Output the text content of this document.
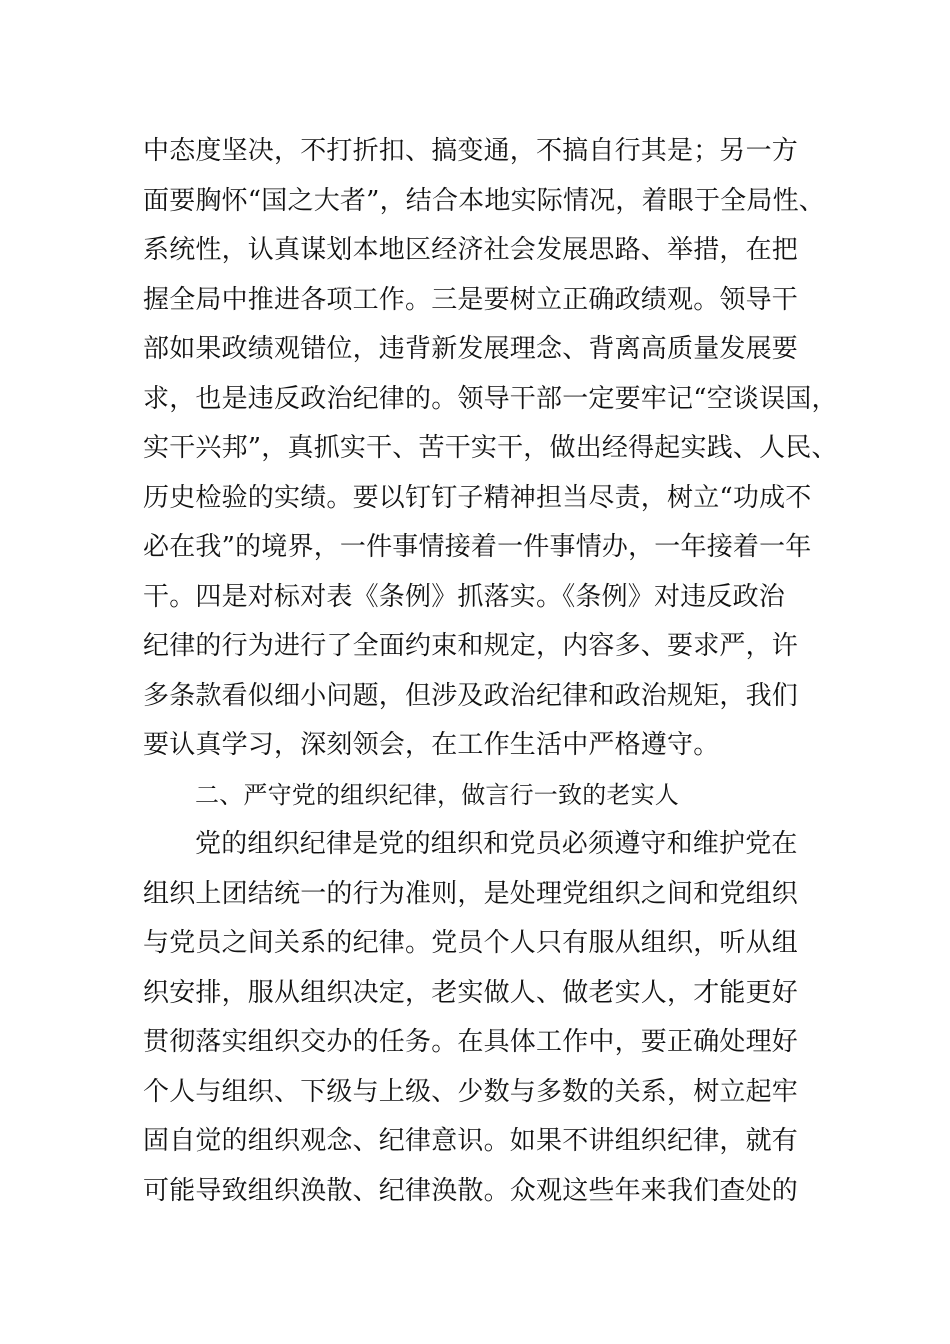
中态度坚决，不打折扣、搞变通，不搞自行其是；另一方
面要胸怀“国之大者”，结合本地实际情况，着眼于全局性、
系统性，认真谋划本地区经济社会发展思路、举措，在把
握全局中推进各项工作。三是要树立正确政绩观。领导干
部如果政绩观错位，违背新发展理念、背离高质量发展要
求，也是违反政治纪律的。领导干部一定要牢记“空谈误国，
实干兴邦”，真抓实干、苦干实干，做出经得起实践、人民、
历史检验的实绩。要以钉钉子精神担当尽责，树立“功成不
必在我”的境界，一件事情接着一件事情办，一年接着一年
干。四是对标对表《条例》抓落实。《条例》对违反政治
纪律的行为进行了全面约束和规定，内容多、要求严，许
多条款看似细小问题，但涉及政治纪律和政治规矩，我们
要认真学习，深刻领会，在工作生活中严格遵守。
二、严守党的组织纪律，做言行一致的老实人
党的组织纪律是党的组织和党员必须遵守和维护党在
组织上团结统一的行为准则，是处理党组织之间和党组织
与党员之间关系的纪律。党员个人只有服从组织，听从组
织安排，服从组织决定，老实做人、做老实人，才能更好
贯彻落实组织交办的任务。在具体工作中，要正确处理好
个人与组织、下级与上级、少数与多数的关系，树立起牢
固自觉的组织观念、纪律意识。如果不讲组织纪律，就有
可能导致组织涣散、纪律涣散。众观这些年来我们查处的
